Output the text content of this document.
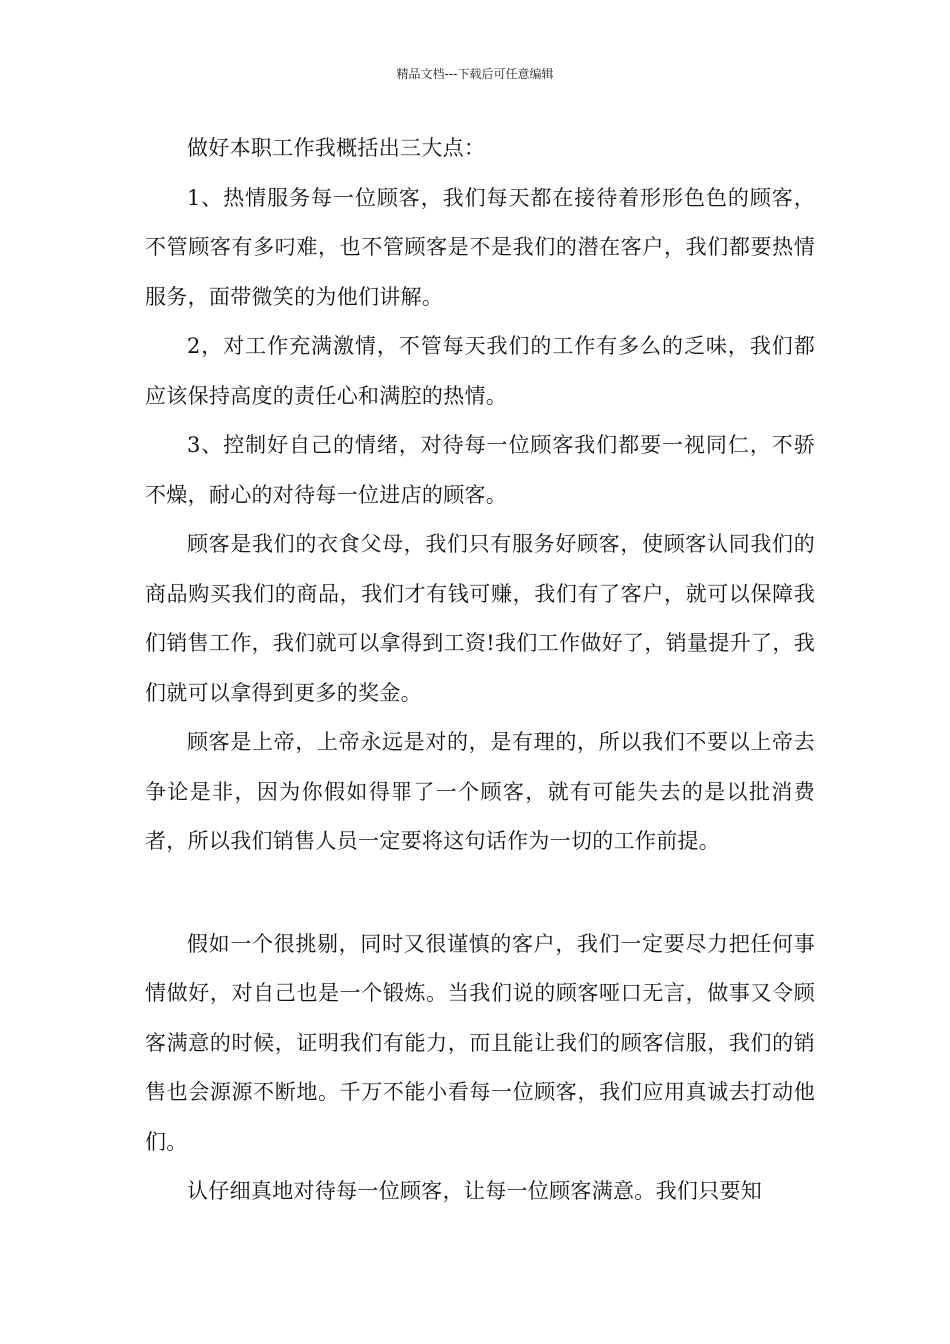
精品文档---下载后可任意编辑

做好本职工作我概括出三大点：

1、热情服务每一位顾客，我们每天都在接待着形形色色的顾客，不管顾客有多叼难，也不管顾客是不是我们的潜在客户，我们都要热情服务，面带微笑的为他们讲解。

2，对工作充满激情，不管每天我们的工作有多么的乏味，我们都应该保持高度的责任心和满腔的热情。

3、控制好自己的情绪，对待每一位顾客我们都要一视同仁，不骄不燥，耐心的对待每一位进店的顾客。

顾客是我们的衣食父母，我们只有服务好顾客，使顾客认同我们的商品购买我们的商品，我们才有钱可赚，我们有了客户，就可以保障我们销售工作，我们就可以拿得到工资!我们工作做好了，销量提升了，我们就可以拿得到更多的奖金。

顾客是上帝，上帝永远是对的，是有理的，所以我们不要以上帝去争论是非，因为你假如得罪了一个顾客，就有可能失去的是以批消费者，所以我们销售人员一定要将这句话作为一切的工作前提。

假如一个很挑剔，同时又很谨慎的客户，我们一定要尽力把任何事情做好，对自己也是一个锻炼。当我们说的顾客哑口无言，做事又令顾客满意的时候，证明我们有能力，而且能让我们的顾客信服，我们的销售也会源源不断地。千万不能小看每一位顾客，我们应用真诚去打动他们。

认仔细真地对待每一位顾客，让每一位顾客满意。我们只要知
